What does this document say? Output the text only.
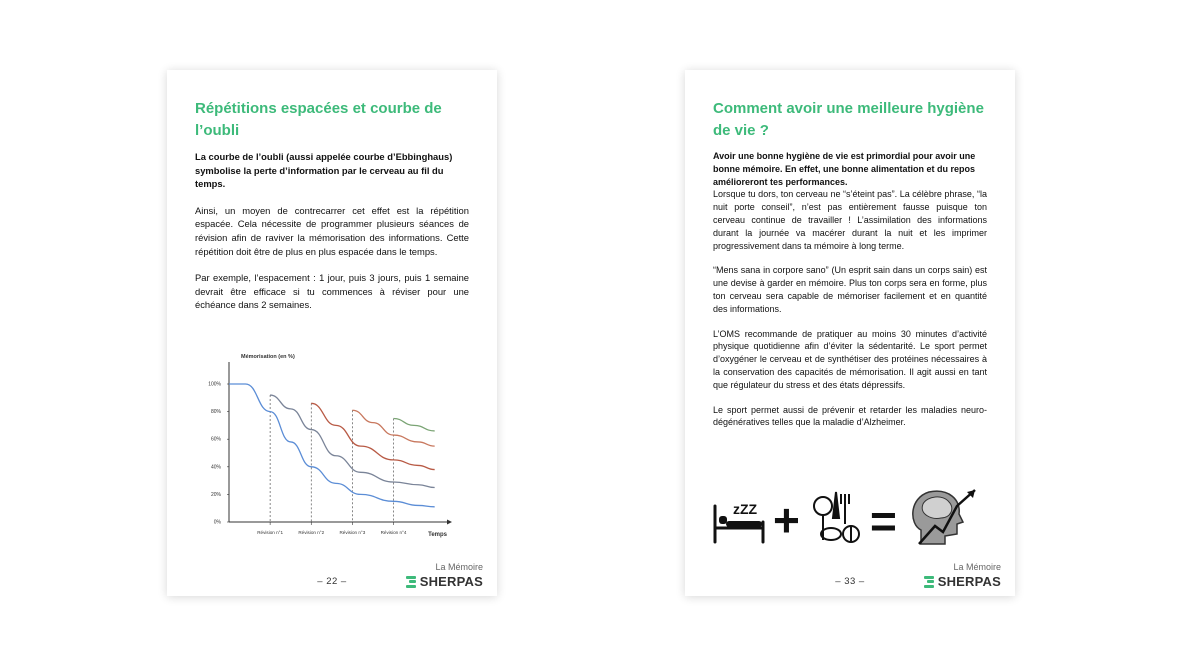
Répétitions espacées et courbe de l’oubli

La courbe de l’oubli (aussi appelée courbe d’Ebbinghaus) symbolise la perte d’information par le cerveau au fil du temps.

Ainsi, un moyen de contrecarrer cet effet est la répétition espacée. Cela nécessite de programmer plusieurs séances de révision afin de raviver la mémorisation des informations. Cette répétition doit être de plus en plus espacée dans le temps.

Par exemple, l’espacement : 1 jour, puis 3 jours, puis 1 semaine devrait être efficace si tu commences à réviser pour une échéance dans 2 semaines.

Mémorisation (en %)
0%
20%
40%
60%
80%
100%
Révision n°1	Révision n°2	Révision n°3	Révision n°4	Temps
La Mémoire
– 22 –	SHERPAS
Comment avoir une meilleure hygiène de vie ?

Avoir une bonne hygiène de vie est primordial pour avoir une bonne mémoire. En effet, une bonne alimentation et du repos amélioreront tes performances.

Lorsque tu dors, ton cerveau ne “s’éteint pas”. La célèbre phrase, “la nuit porte conseil”, n’est pas entièrement fausse puisque ton cerveau continue de travailler ! L’assimilation des informations durant la journée va macérer durant la nuit et les imprimer progressivement dans ta mémoire à long terme.

“Mens sana in corpore sano” (Un esprit sain dans un corps sain) est une devise à garder en mémoire. Plus ton corps sera en forme, plus ton cerveau sera capable de mémoriser facilement et en quantité des informations.

L’OMS recommande de pratiquer au moins 30 minutes d’activité physique quotidienne afin d’éviter la sédentarité. Le sport permet d’oxygéner le cerveau et de synthétiser des protéines nécessaires à la conservation des capacités de mémorisation. Il agit aussi en tant que régulateur du stress et des états dépressifs.

Le sport permet aussi de prévenir et retarder les maladies neuro-dégénératives telles que la maladie d’Alzheimer.

zZZ + =
La Mémoire
– 33 –	SHERPAS
